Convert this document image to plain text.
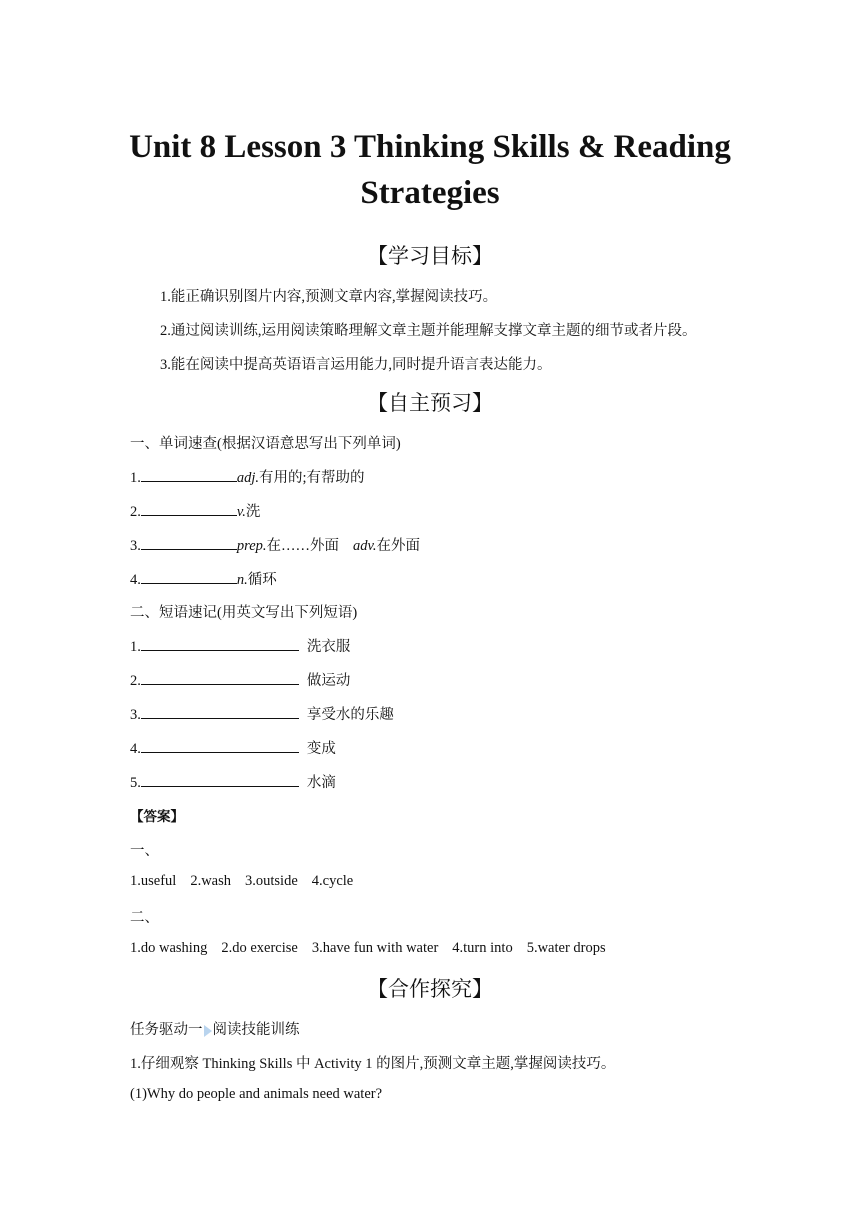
Unit 8 Lesson 3 Thinking Skills & Reading Strategies
【学习目标】
1.能正确识别图片内容,预测文章内容,掌握阅读技巧。
2.通过阅读训练,运用阅读策略理解文章主题并能理解支撑文章主题的细节或者片段。
3.能在阅读中提高英语语言运用能力,同时提升语言表达能力。
【自主预习】
一、单词速查(根据汉语意思写出下列单词)
1.	adj.有用的;有帮助的
2.	v.洗
3.	prep.在……外面 adv.在外面
4.	n.循环
二、短语速记(用英文写出下列短语)
1.	洗衣服
2.	做运动
3.	享受水的乐趣
4.	变成
5.	水滴
【答案】
一、
1.useful 2.wash 3.outside 4.cycle
二、
1.do washing 2.do exercise 3.have fun with water 4.turn into 5.water drops
【合作探究】
任务驱动一 阅读技能训练
1.仔细观察 Thinking Skills 中 Activity 1 的图片,预测文章主题,掌握阅读技巧。
(1)Why do people and animals need water?
